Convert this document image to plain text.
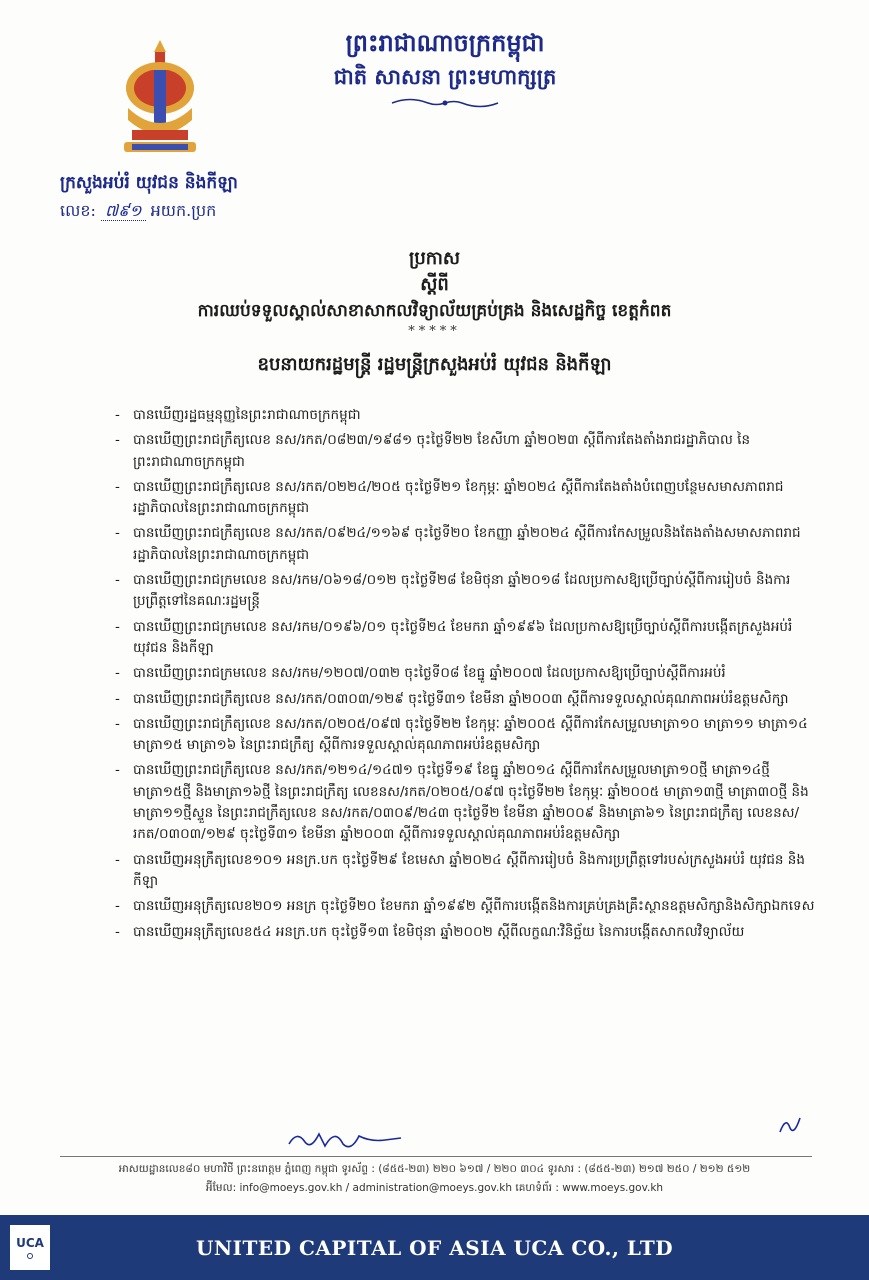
ព្រះរាជាណាចក្រកម្ពុជា
ជាតិ សាសនា ព្រះមហាក្សត្រ
ក្រសួងអប់រំ យុវជន និងកីឡា
លេខ: ៧៩១ អយក.ប្រក
ប្រកាស
ស្ដីពី
ការឈប់ទទួលស្គាល់សាខាសាកលវិទ្យាល័យគ្រប់គ្រង និងសេដ្ឋកិច្ច ខេត្តកំពត
*****
ឧបនាយករដ្ឋមន្ត្រី រដ្ឋមន្ត្រីក្រសួងអប់រំ យុវជន និងកីឡា
- បានឃើញរដ្ឋធម្មនុញ្ញនៃព្រះរាជាណាចក្រកម្ពុជា
- បានឃើញព្រះរាជក្រឹត្យលេខ នស/រកត/០៨២៣/១៩៨១ ចុះថ្ងៃទី២២ ខែសីហា ឆ្នាំ២០២៣ ស្ដីពីការតែងតាំងរាជរដ្ឋាភិបាល នៃព្រះរាជាណាចក្រកម្ពុជា
- បានឃើញព្រះរាជក្រឹត្យលេខ នស/រកត/០២២៤/២០៥ ចុះថ្ងៃទី២១ ខែកុម្ភៈ ឆ្នាំ២០២៤ ស្ដីពីការតែងតាំងបំពេញបន្ថែមសមាសភាពរាជរដ្ឋាភិបាលនៃព្រះរាជាណាចក្រកម្ពុជា
- បានឃើញព្រះរាជក្រឹត្យលេខ នស/រកត/០៩២៤/១១៦៩ ចុះថ្ងៃទី២០ ខែកញ្ញា ឆ្នាំ២០២៤ ស្ដីពីការកែសម្រួលនិងតែងតាំងសមាសភាពរាជរដ្ឋាភិបាលនៃព្រះរាជាណាចក្រកម្ពុជា
- បានឃើញព្រះរាជក្រមលេខ នស/រកម/០៦១៨/០១២ ចុះថ្ងៃទី២៨ ខែមិថុនា ឆ្នាំ២០១៨ ដែលប្រកាសឱ្យប្រើច្បាប់ស្ដីពីការរៀបចំ និងការប្រព្រឹត្តទៅនៃគណៈរដ្ឋមន្ត្រី
- បានឃើញព្រះរាជក្រមលេខ នស/រកម/០១៩៦/០១ ចុះថ្ងៃទី២៤ ខែមករា ឆ្នាំ១៩៩៦ ដែលប្រកាសឱ្យប្រើច្បាប់ស្ដីពីការបង្កើតក្រសួងអប់រំ យុវជន និងកីឡា
- បានឃើញព្រះរាជក្រមលេខ នស/រកម/១២០៧/០៣២ ចុះថ្ងៃទី០៨ ខែធ្នូ ឆ្នាំ២០០៧ ដែលប្រកាសឱ្យប្រើច្បាប់ស្ដីពីការអប់រំ
- បានឃើញព្រះរាជក្រឹត្យលេខ នស/រកត/០៣០៣/១២៩ ចុះថ្ងៃទី៣១ ខែមីនា ឆ្នាំ២០០៣ ស្ដីពីការទទួលស្គាល់គុណភាពអប់រំឧត្តមសិក្សា
- បានឃើញព្រះរាជក្រឹត្យលេខ នស/រកត/០២០៥/០៩៧ ចុះថ្ងៃទី២២ ខែកុម្ភៈ ឆ្នាំ២០០៥ ស្ដីពីការកែសម្រួលមាត្រា១០ មាត្រា១១ មាត្រា១៤ មាត្រា១៥ មាត្រា១៦ នៃព្រះរាជក្រឹត្យ ស្ដីពីការទទួលស្គាល់គុណភាពអប់រំឧត្តមសិក្សា
- បានឃើញព្រះរាជក្រឹត្យលេខ នស/រកត/១២១៤/១៤៧១ ចុះថ្ងៃទី១៩ ខែធ្នូ ឆ្នាំ២០១៤ ស្ដីពីការកែសម្រួលមាត្រា១០ថ្មី មាត្រា១៤ថ្មី មាត្រា១៥ថ្មី និងមាត្រា១៦ថ្មី នៃព្រះរាជក្រឹត្យ លេខនស/រកត/០២០៥/០៩៧ ចុះថ្ងៃទី២២ ខែកុម្ភៈ ឆ្នាំ២០០៥ មាត្រា១៣ថ្មី មាត្រា៣០ថ្មី និងមាត្រា១១ថ្មីស្ទួន នៃព្រះរាជក្រឹត្យលេខ នស/រកត/០៣០៩/២៤៣ ចុះថ្ងៃទី២ ខែមីនា ឆ្នាំ២០០៩ និងមាត្រា៦១ នៃព្រះរាជក្រឹត្យ លេខនស/រកត/០៣០៣/១២៩ ចុះថ្ងៃទី៣១ ខែមីនា ឆ្នាំ២០០៣ ស្ដីពីការទទួលស្គាល់គុណភាពអប់រំឧត្តមសិក្សា
- បានឃើញអនុក្រឹត្យលេខ១០១ អនក្រ.បក ចុះថ្ងៃទី២៩ ខែមេសា ឆ្នាំ២០២៤ ស្ដីពីការរៀបចំ និងការប្រព្រឹត្តទៅរបស់ក្រសួងអប់រំ យុវជន និងកីឡា
- បានឃើញអនុក្រឹត្យលេខ២០១ អនក្រ ចុះថ្ងៃទី២០ ខែមករា ឆ្នាំ១៩៩២ ស្ដីពីការបង្កើតនិងការគ្រប់គ្រងគ្រឹះស្ថានឧត្តមសិក្សានិងសិក្សាឯកទេស
- បានឃើញអនុក្រឹត្យលេខ៥៤ អនក្រ.បក ចុះថ្ងៃទី១៣ ខែមិថុនា ឆ្នាំ២០០២ ស្ដីពីលក្ខណៈវិនិច្ឆ័យ នៃការបង្កើតសាកលវិទ្យាល័យ
អាសយដ្ឋានលេខ៨០ មហាវិថី ព្រះនរោត្តម ភ្នំពេញ កម្ពុជា ទូរស័ព្ទ : (៨៥៥-២៣) ២២០ ៦១៧ / ២២០ ៣០៤ ទូរសារ : (៨៥៥-២៣) ២១៧ ២៥០ / ២១២ ៥១២
អ៊ីមែល: info@moeys.gov.kh / administration@moeys.gov.kh គេហទំព័រ : www.moeys.gov.kh
UCA	UNITED CAPITAL OF ASIA UCA CO., LTD
